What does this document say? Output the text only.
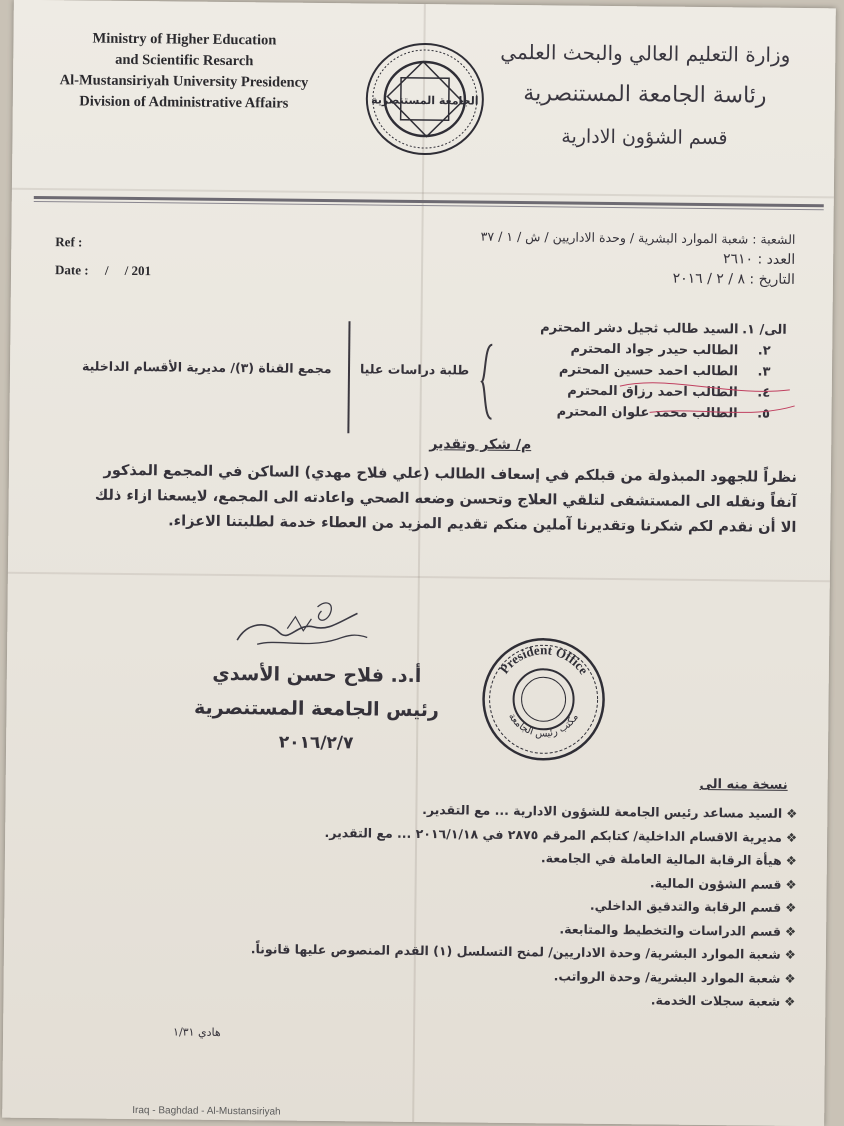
Ministry of Higher Education
and Scientific Resarch
Al-Mustansiriyah University Presidency
Division of Administrative Affairs	الجامعة المستنصرية
وزارة التعليم العالي والبحث العلمي
رئاسة الجامعة المستنصرية
قسم الشؤون الادارية
Ref :
Date :     /     / 201
الشعبة : شعبة الموارد البشرية / وحدة الاداريين / ش / ١ / ٣٧
العدد : ٢٦١٠
التاريخ : ٨ / ٢ / ٢٠١٦
الى/ ١.
السيد طالب ثجيل دشر المحترم
٢.
الطالب حيدر جواد المحترم
٣.
الطالب احمد حسين المحترم
٤.
الطالب احمد رزاق المحترم
٥.
الطالب محمد علوان المحترم
طلبة دراسات عليا
مجمع القناة (٣)/ مديرية الأقسام الداخلية
م/ شكر وتقدير
نظراً للجهود المبذولة من قبلكم في إسعاف الطالب (علي فلاح مهدي) الساكن في المجمع المذكور
آنفاً ونقله الى المستشفى لتلقي العلاج وتحسن وضعه الصحي واعادته الى المجمع، لايسعنا ازاء ذلك
الا أن نقدم لكم شكرنا وتقديرنا آملين منكم تقديم المزيد من العطاء خدمة لطلبتنا الاعزاء.
أ.د. فلاح حسن الأسدي
رئيس الجامعة المستنصرية
٢٠١٦/٢/٧
President Office
مكتب رئيس الجامعة
نسخة منه الى
❖السيد مساعد رئيس الجامعة للشؤون الادارية ... مع التقدير.
❖مديرية الاقسام الداخلية/ كتابكم المرقم ٢٨٧٥ في ٢٠١٦/١/١٨ ... مع التقدير.
❖هيأة الرقابة المالية العاملة في الجامعة.
❖قسم الشؤون المالية.
❖قسم الرقابة والتدقيق الداخلي.
❖قسم الدراسات والتخطيط والمتابعة.
❖شعبة الموارد البشرية/ وحدة الاداريين/ لمنح التسلسل (١) القدم المنصوص عليها قانوناً.
❖شعبة الموارد البشرية/ وحدة الرواتب.
❖شعبة سجلات الخدمة.
هادي ١/٣١
Iraq - Baghdad - Al-Mustansiriyah
